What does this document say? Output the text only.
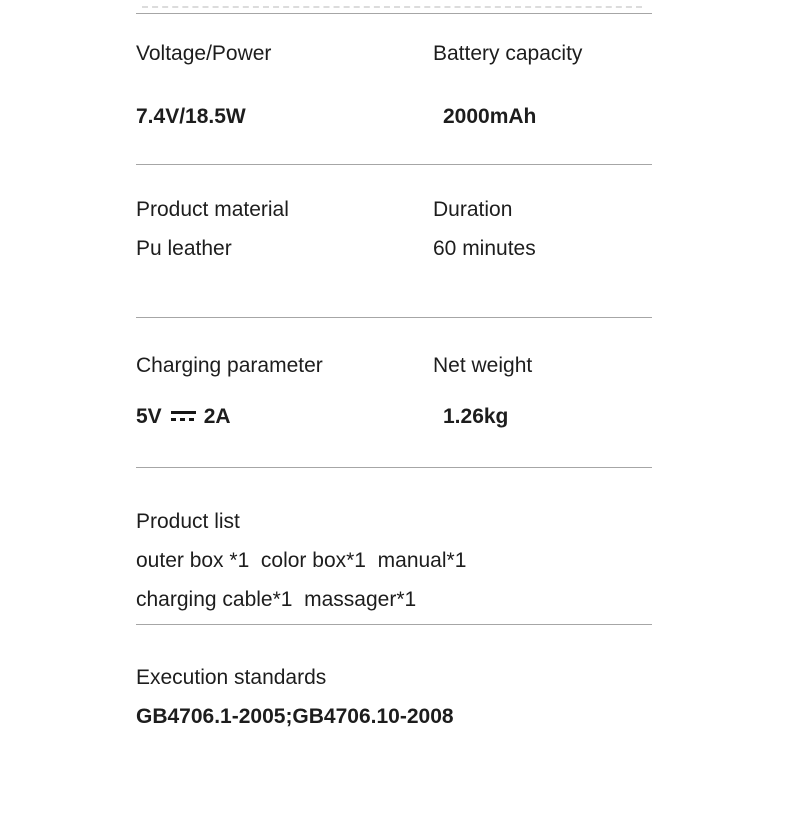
Voltage/Power	Battery capacity
7.4V/18.5W	2000mAh
Product material	Duration
Pu leather	60 minutes
Charging parameter	Net weight
5V 2A	1.26kg
Product list
outer box *1  color box*1  manual*1
charging cable*1  massager*1
Execution standards
GB4706.1-2005;GB4706.10-2008
